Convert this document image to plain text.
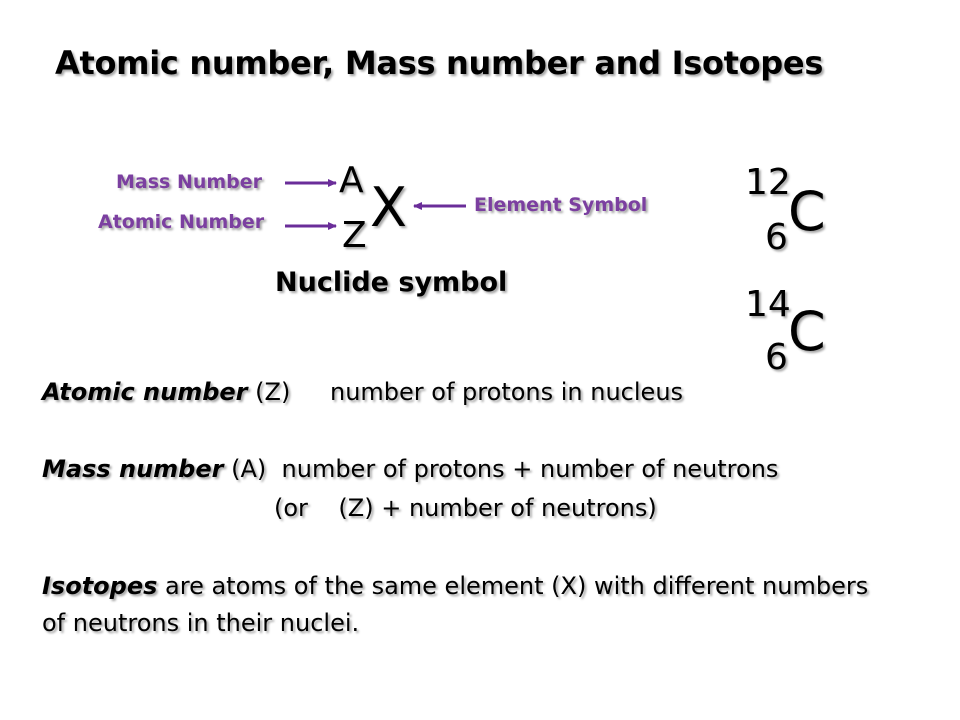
Atomic number, Mass number and Isotopes
Mass Number
Atomic Number
Element Symbol
A
Z X
Nuclide symbol
12
6 C
14
6 C
Atomic number (Z) number of protons in nucleus
Mass number (A)  number of protons + number of neutrons
(or    (Z) + number of neutrons)
Isotopes are atoms of the same element (X) with different numbers
of neutrons in their nuclei.
